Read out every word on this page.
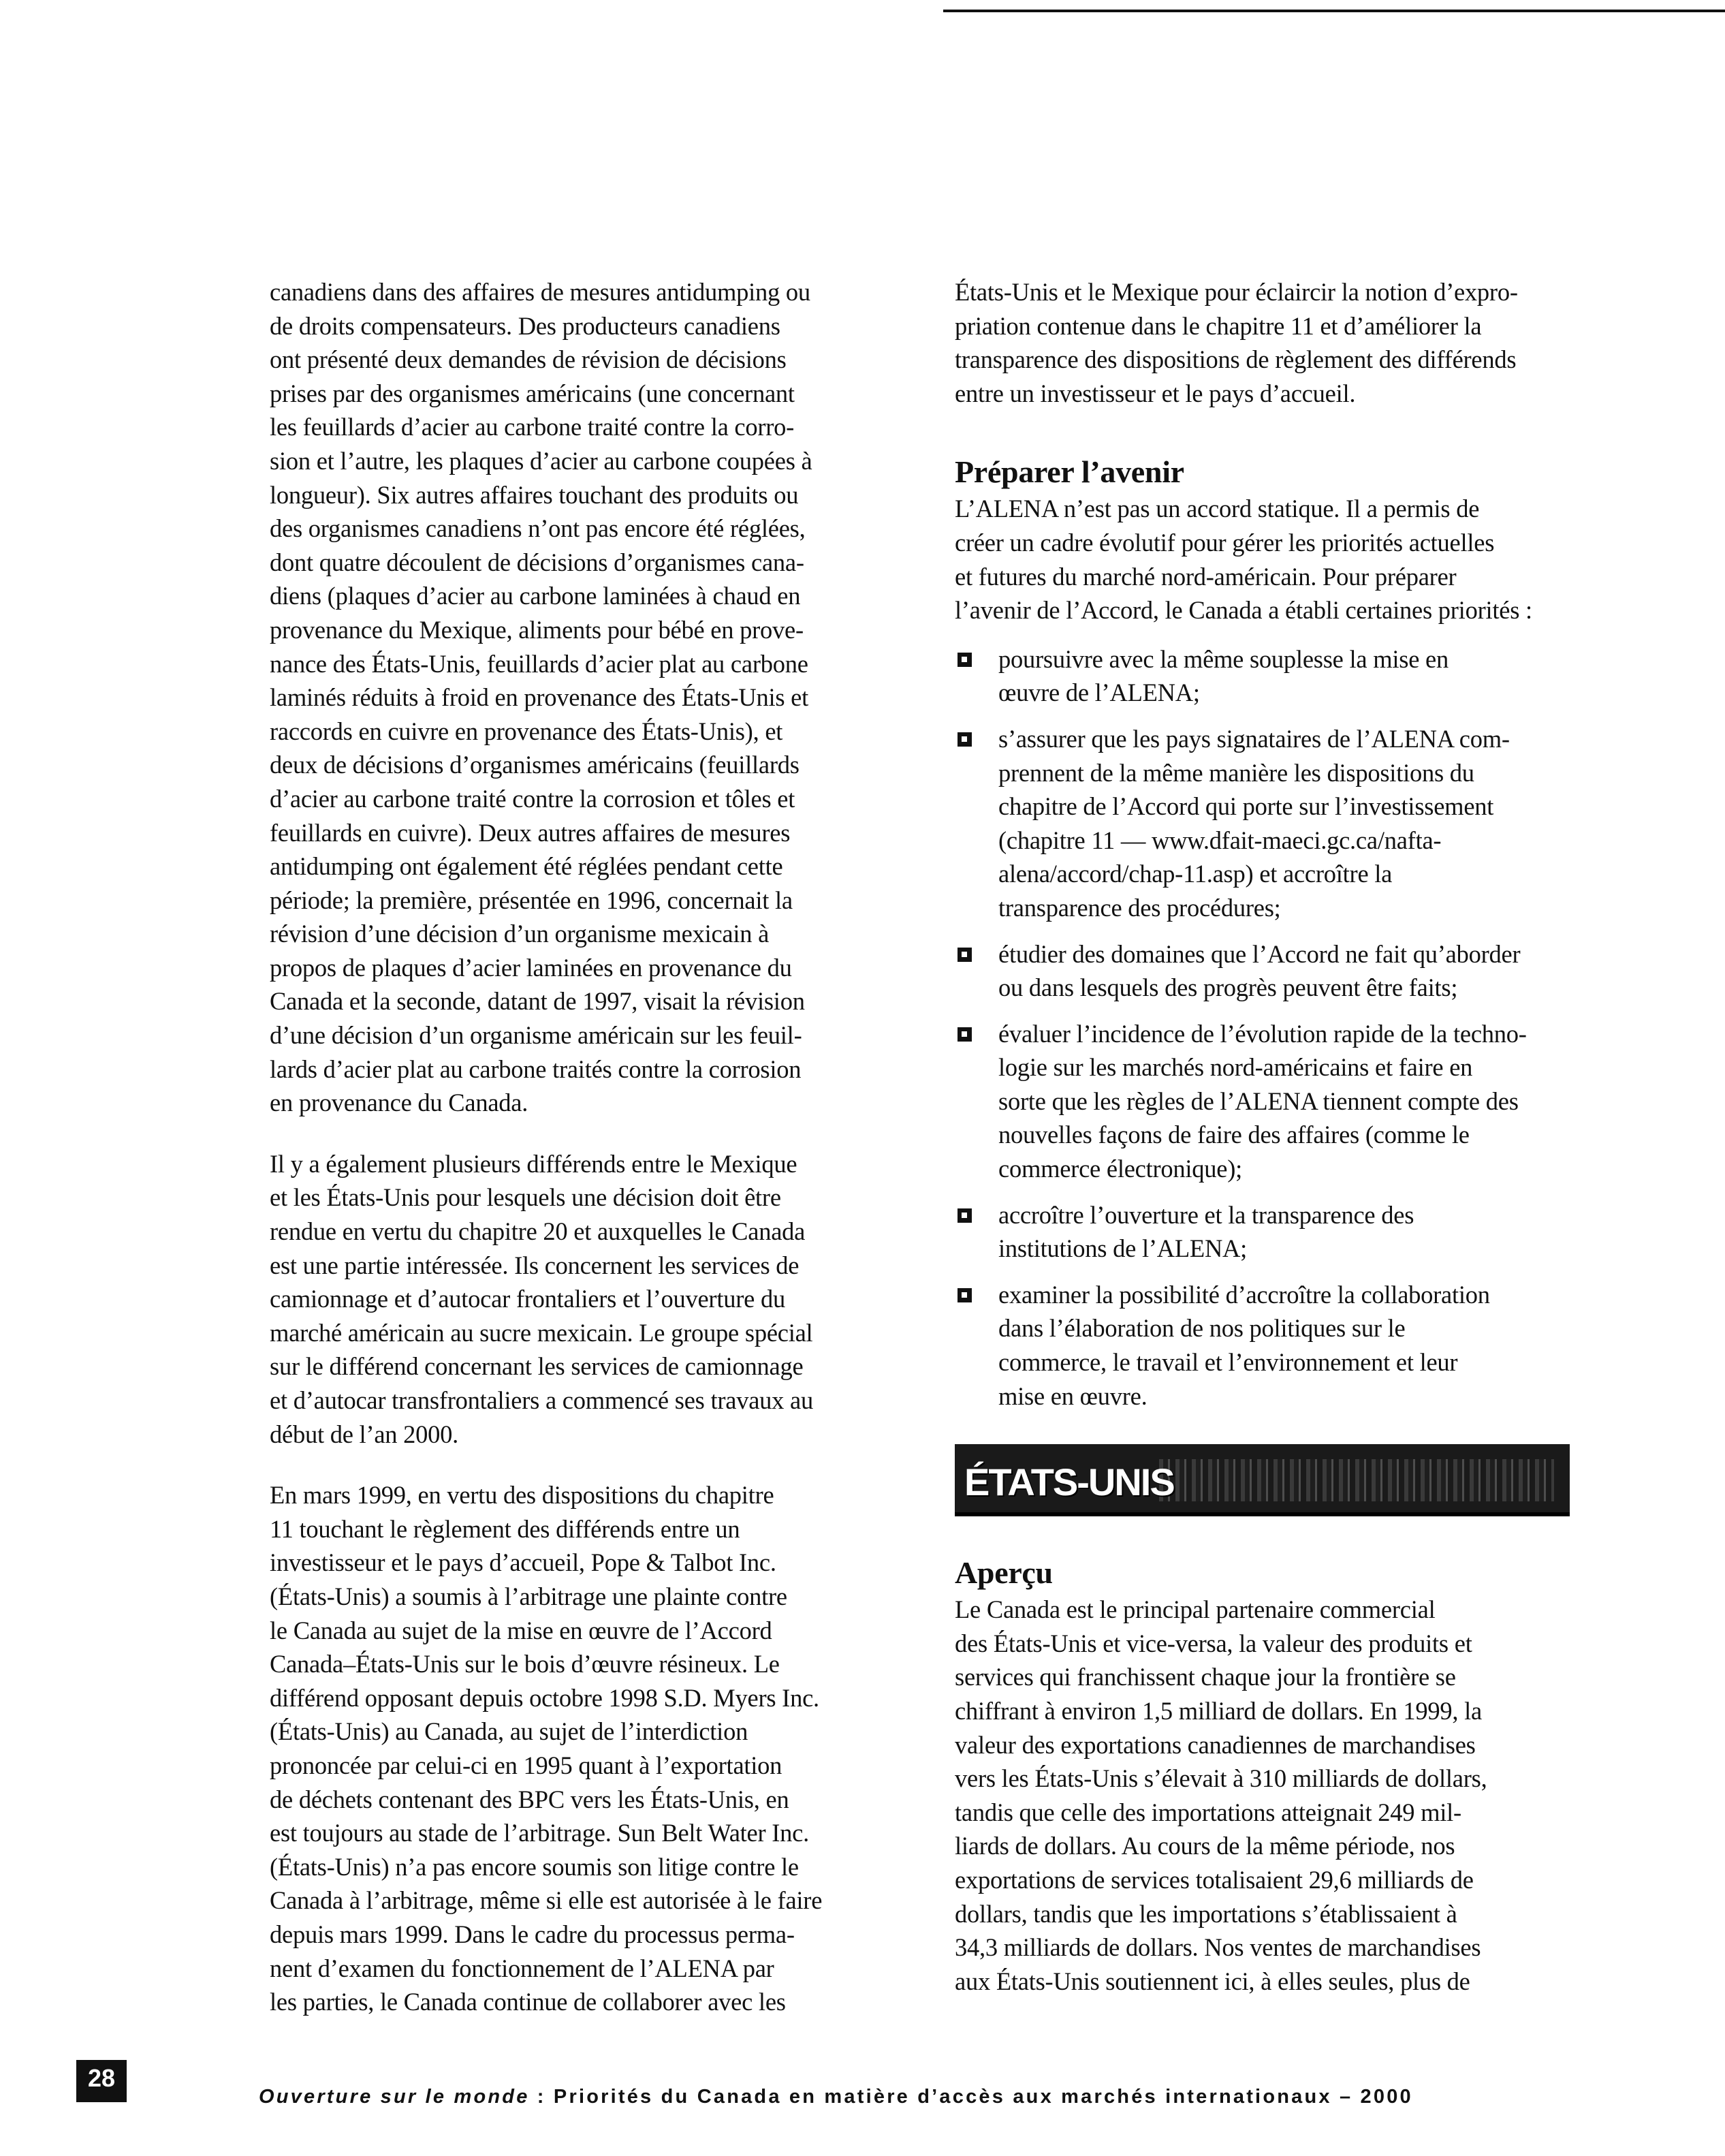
canadiens dans des affaires de mesures antidumping ou
de droits compensateurs. Des producteurs canadiens
ont présenté deux demandes de révision de décisions
prises par des organismes américains (une concernant
les feuillards d’acier au carbone traité contre la corro-
sion et l’autre, les plaques d’acier au carbone coupées à
longueur). Six autres affaires touchant des produits ou
des organismes canadiens n’ont pas encore été réglées,
dont quatre découlent de décisions d’organismes cana-
diens (plaques d’acier au carbone laminées à chaud en
provenance du Mexique, aliments pour bébé en prove-
nance des États-Unis, feuillards d’acier plat au carbone
laminés réduits à froid en provenance des États-Unis et
raccords en cuivre en provenance des États-Unis), et
deux de décisions d’organismes américains (feuillards
d’acier au carbone traité contre la corrosion et tôles et
feuillards en cuivre). Deux autres affaires de mesures
antidumping ont également été réglées pendant cette
période; la première, présentée en 1996, concernait la
révision d’une décision d’un organisme mexicain à
propos de plaques d’acier laminées en provenance du
Canada et la seconde, datant de 1997, visait la révision
d’une décision d’un organisme américain sur les feuil-
lards d’acier plat au carbone traités contre la corrosion
en provenance du Canada.

Il y a également plusieurs différends entre le Mexique
et les États-Unis pour lesquels une décision doit être
rendue en vertu du chapitre 20 et auxquelles le Canada
est une partie intéressée. Ils concernent les services de
camionnage et d’autocar frontaliers et l’ouverture du
marché américain au sucre mexicain. Le groupe spécial
sur le différend concernant les services de camionnage
et d’autocar transfrontaliers a commencé ses travaux au
début de l’an 2000.

En mars 1999, en vertu des dispositions du chapitre
11 touchant le règlement des différends entre un
investisseur et le pays d’accueil, Pope & Talbot Inc.
(États-Unis) a soumis à l’arbitrage une plainte contre
le Canada au sujet de la mise en œuvre de l’Accord
Canada–États-Unis sur le bois d’œuvre résineux. Le
différend opposant depuis octobre 1998 S.D. Myers Inc.
(États-Unis) au Canada, au sujet de l’interdiction
prononcée par celui-ci en 1995 quant à l’exportation
de déchets contenant des BPC vers les États-Unis, en
est toujours au stade de l’arbitrage. Sun Belt Water Inc.
(États-Unis) n’a pas encore soumis son litige contre le
Canada à l’arbitrage, même si elle est autorisée à le faire
depuis mars 1999. Dans le cadre du processus perma-
nent d’examen du fonctionnement de l’ALENA par
les parties, le Canada continue de collaborer avec les

États-Unis et le Mexique pour éclaircir la notion d’expro-
priation contenue dans le chapitre 11 et d’améliorer la
transparence des dispositions de règlement des différends
entre un investisseur et le pays d’accueil.

Préparer l’avenir

L’ALENA n’est pas un accord statique. Il a permis de
créer un cadre évolutif pour gérer les priorités actuelles
et futures du marché nord-américain. Pour préparer
l’avenir de l’Accord, le Canada a établi certaines priorités :

poursuivre avec la même souplesse la mise en
œuvre de l’ALENA;
s’assurer que les pays signataires de l’ALENA com-
prennent de la même manière les dispositions du
chapitre de l’Accord qui porte sur l’investissement
(chapitre 11 — www.dfait-maeci.gc.ca/nafta-
alena/accord/chap-11.asp) et accroître la
transparence des procédures;
étudier des domaines que l’Accord ne fait qu’aborder
ou dans lesquels des progrès peuvent être faits;
évaluer l’incidence de l’évolution rapide de la techno-
logie sur les marchés nord-américains et faire en
sorte que les règles de l’ALENA tiennent compte des
nouvelles façons de faire des affaires (comme le
commerce électronique);
accroître l’ouverture et la transparence des
institutions de l’ALENA;
examiner la possibilité d’accroître la collaboration
dans l’élaboration de nos politiques sur le
commerce, le travail et l’environnement et leur
mise en œuvre.
ÉTATS-UNIS
Aperçu

Le Canada est le principal partenaire commercial
des États-Unis et vice-versa, la valeur des produits et
services qui franchissent chaque jour la frontière se
chiffrant à environ 1,5 milliard de dollars. En 1999, la
valeur des exportations canadiennes de marchandises
vers les États-Unis s’élevait à 310 milliards de dollars,
tandis que celle des importations atteignait 249 mil-
liards de dollars. Au cours de la même période, nos
exportations de services totalisaient 29,6 milliards de
dollars, tandis que les importations s’établissaient à
34,3 milliards de dollars. Nos ventes de marchandises
aux États-Unis soutiennent ici, à elles seules, plus de

28
Ouverture sur le monde : Priorités du Canada en matière d’accès aux marchés internationaux – 2000
